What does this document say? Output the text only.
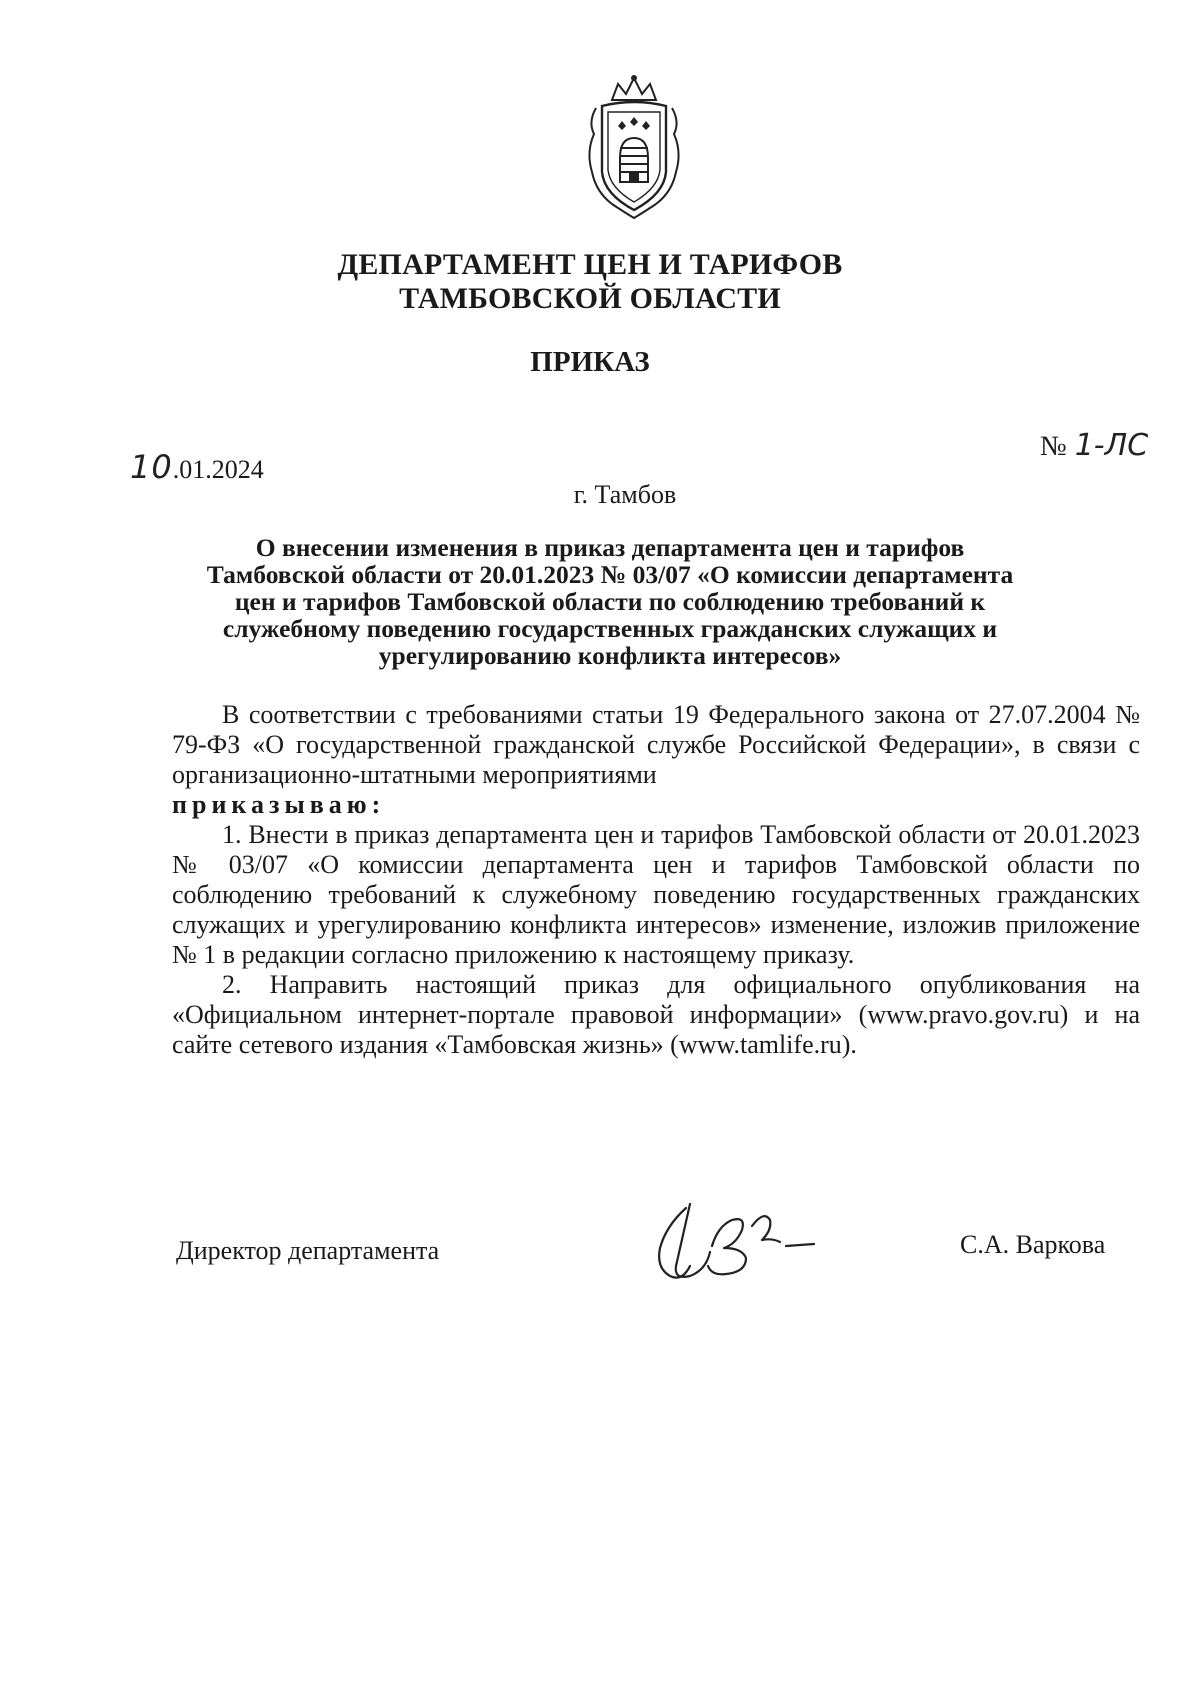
ДЕПАРТАМЕНТ ЦЕН И ТАРИФОВ
ТАМБОВСКОЙ ОБЛАСТИ
ПРИКАЗ
10.01.2024
№ 1-ЛС
г. Тамбов
О внесении изменения в приказ департамента цен и тарифов
Тамбовской области от 20.01.2023 № 03/07 «О комиссии департамента
цен и тарифов Тамбовской области по соблюдению требований к
служебному поведению государственных гражданских служащих и
урегулированию конфликта интересов»

В соответствии с требованиями статьи 19 Федерального закона от 27.07.2004 № 79-ФЗ «О государственной гражданской службе Российской Федерации», в связи с организационно-штатными мероприятиями

приказываю:

1. Внести в приказ департамента цен и тарифов Тамбовской области от 20.01.2023 № 03/07 «О комиссии департамента цен и тарифов Тамбовской области по соблюдению требований к служебному поведению государственных гражданских служащих и урегулированию конфликта интересов» изменение, изложив приложение № 1 в редакции согласно приложению к настоящему приказу.

2. Направить настоящий приказ для официального опубликования на «Официальном интернет-портале правовой информации» (www.pravo.gov.ru) и на сайте сетевого издания «Тамбовская жизнь» (www.tamlife.ru).

Директор департамента	С.А. Варкова
